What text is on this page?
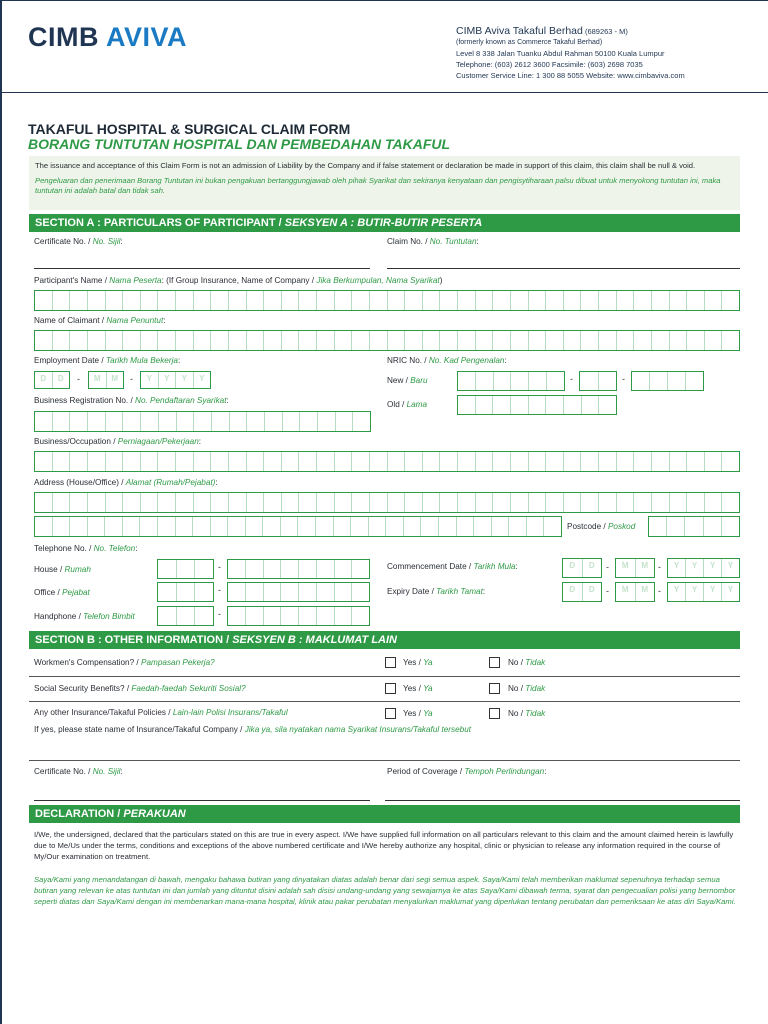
CIMB AVIVA	CIMB Aviva Takaful Berhad (689263 - M)
(formerly known as Commerce Takaful Berhad)
Level 8 338 Jalan Tuanku Abdul Rahman 50100 Kuala Lumpur
Telephone: (603) 2612 3600 Facsimile: (603) 2698 7035
Customer Service Line: 1 300 88 5055 Website: www.cimbaviva.com
TAKAFUL HOSPITAL & SURGICAL CLAIM FORM
BORANG TUNTUTAN HOSPITAL DAN PEMBEDAHAN TAKAFUL
The issuance and acceptance of this Claim Form is not an admission of Liability by the Company and if false statement or declaration be made in support of this claim, this claim shall be null & void.
Pengeluaran dan penerimaan Borang Tuntutan ini bukan pengakuan bertanggungjawab oleh pihak Syarikat dan sekiranya kenyataan dan pengisytiharaan palsu dibuat untuk menyokong tuntutan ini, maka tuntutan ini adalah batal dan tidak sah.
SECTION A : PARTICULARS OF PARTICIPANT / SEKSYEN A : BUTIR-BUTIR PESERTA
Certificate No. / No. Sijil:	Claim No. / No. Tuntutan:
Participant's Name / Nama Peserta: (If Group Insurance, Name of Company / Jika Berkumpulan, Nama Syarikat)
Name of Claimant / Nama Penuntut:
Employment Date / Tarikh Mula Bekerja:
D	D	-	M	M	-	Y	Y	Y	Y
NRIC No. / No. Kad Pengenalan:
New / Baru	-	-
Old / Lama
Business Registration No. / No. Pendaftaran Syarikat:
Business/Occupation / Perniagaan/Pekerjaan:
Address (House/Office) / Alamat (Rumah/Pejabat):
Postcode / Poskod
Telephone No. / No. Telefon:
House / Rumah	-
Office / Pejabat	-
Handphone / Telefon Bimbit	-
Commencement Date / Tarikh Mula:	D	D	-	M	M	-	Y	Y	Y	Y
Expiry Date / Tarikh Tamat:	D	D	-	M	M	-	Y	Y	Y	Y
SECTION B : OTHER INFORMATION / SEKSYEN B : MAKLUMAT LAIN
Workmen's Compensation? / Pampasan Pekerja?	Yes / Ya	No / Tidak
Social Security Benefits? / Faedah-faedah Sekuriti Sosial?	Yes / Ya	No / Tidak
Any other Insurance/Takaful Policies / Lain-lain Polisi Insurans/Takaful	Yes / Ya	No / Tidak
If yes, please state name of Insurance/Takaful Company / Jika ya, sila nyatakan nama Syarikat Insurans/Takaful tersebut
Certificate No. / No. Sijil:	Period of Coverage / Tempoh Perlindungan:
DECLARATION / PERAKUAN
I/We, the undersigned, declared that the particulars stated on this are true in every aspect. I/We have supplied full information on all particulars relevant to this claim and the amount claimed herein is lawfully due to Me/Us under the terms, conditions and exceptions of the above numbered certificate and I/We hereby authorize any hospital, clinic or physician to release any information required in the course of My/Our examination on treatment.
Saya/Kami yang menandatangan di bawah, mengaku bahawa butiran yang dinyatakan diatas adalah benar dari segi semua aspek. Saya/Kami telah memberikan maklumat sepenuhnya terhadap semua butiran yang relevan ke atas tuntutan ini dan jumlah yang dituntut disini adalah sah disisi undang-undang yang sewajarnya ke atas Saya/Kami dibawah terma, syarat dan pengecualian polisi yang bernombor seperti diatas dan Saya/Kami dengan ini membenarkan mana-mana hospital, klinik atau pakar perubatan menyalurkan maklumat yang diperlukan tentang perubatan dan pemeriksaan ke atas diri Saya/Kami.
